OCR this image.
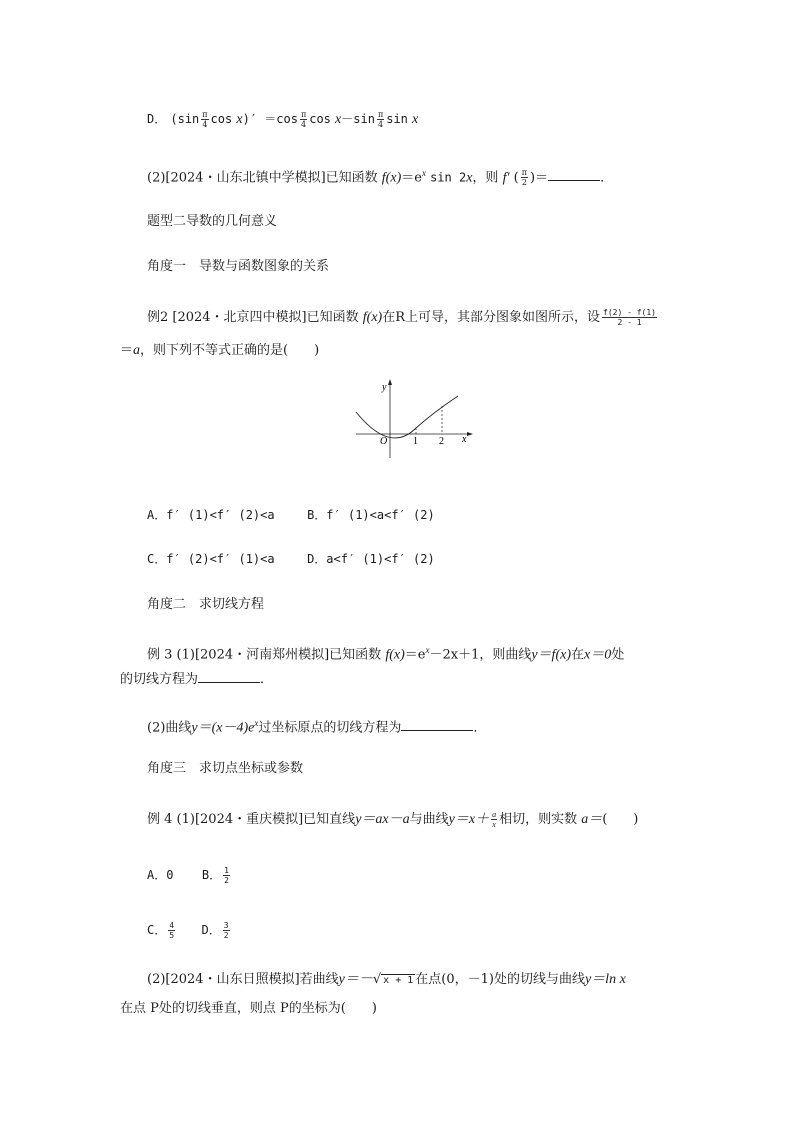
D． ($\sin \frac{\pi}{4}$ $\cos x)' =\cos \frac{\pi}{4}$ $\cos x-\sin \frac{\pi}{4}$ sin x
(2)[2024・山东北镇中学模拟]已知函数 $f(x)=e^x$ sin 2x，则 f′ ( $\frac{\pi}{2}$ )＝	．
题型二导数的几何意义
角度一　导数与函数图象的关系
例2 [2024・北京四中模拟]已知函数 f(x)在R上可导，其部分图象如图所示，设 $\frac{f(2) - f(1)}{2 - 1}$
＝a，则下列不等式正确的是(　　)
y
x
O	1 2
A．f′ (1)<f′ (2)<a	B．f′ (1)<a<f′ (2)
C．f′ (2)<f′ (1)<a	D．a<f′ (1)<f′ (2)
角度二　求切线方程
例 3 (1)[2024・河南郑州模拟]已知函数 $f(x)=e^x-2x+1$，则曲线y＝f(x)在x＝0处
的切线方程为	．
(2)曲线$y=(x-4)e^x$过坐标原点的切线方程为	．
角度三　求切点坐标或参数
例 4 (1)[2024・重庆模拟]已知直线y＝ax－a与曲线$y=x+ \frac{a}{x}$ 相切，则实数 a＝(　　)
A．0 B． $\frac{1}{2}$
C． $\frac{4}{5}$ D． $\frac{3}{2}$
(2)[2024・山东日照模拟]若曲线y＝－√ x + 1 在点(0，－1)处的切线与曲线y＝ln x
在点 P处的切线垂直，则点 P的坐标为(　　)
